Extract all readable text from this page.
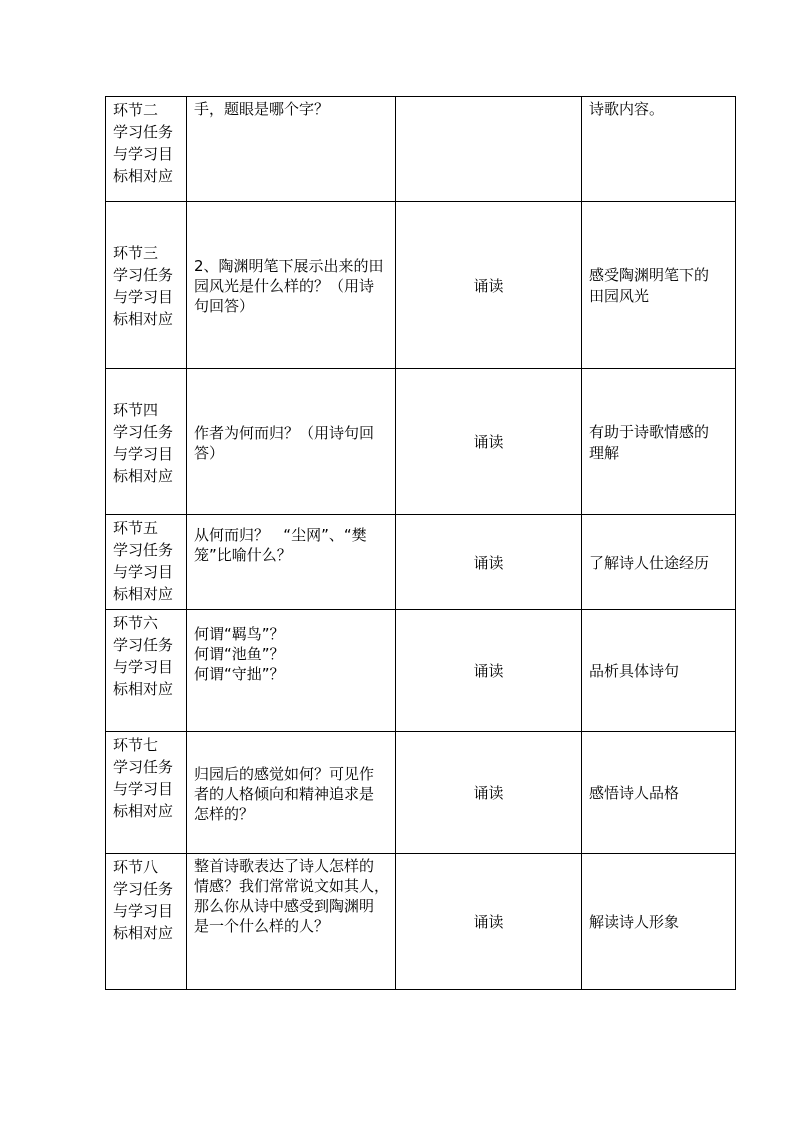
环节二
学习任务
与学习目
标相对应	手，题眼是哪个字？		诗歌内容。

环节三
学习任务
与学习目
标相对应	2、陶渊明笔下展示出来的田
园风光是什么样的？（用诗
句回答）	诵读	感受陶渊明笔下的
田园风光

环节四
学习任务
与学习目
标相对应	作者为何而归？（用诗句回
答）	诵读	有助于诗歌情感的
理解

环节五
学习任务
与学习目
标相对应	从何而归？   “尘网”、“樊
笼”比喻什么？	诵读	了解诗人仕途经历

环节六
学习任务
与学习目
标相对应	何谓“羁鸟”？
何谓“池鱼”？
何谓“守拙”？	诵读	品析具体诗句

环节七
学习任务
与学习目
标相对应	归园后的感觉如何？可见作
者的人格倾向和精神追求是
怎样的？	诵读	感悟诗人品格

环节八
学习任务
与学习目
标相对应	整首诗歌表达了诗人怎样的
情感？我们常常说文如其人，
那么你从诗中感受到陶渊明
是一个什么样的人？	诵读	解读诗人形象
